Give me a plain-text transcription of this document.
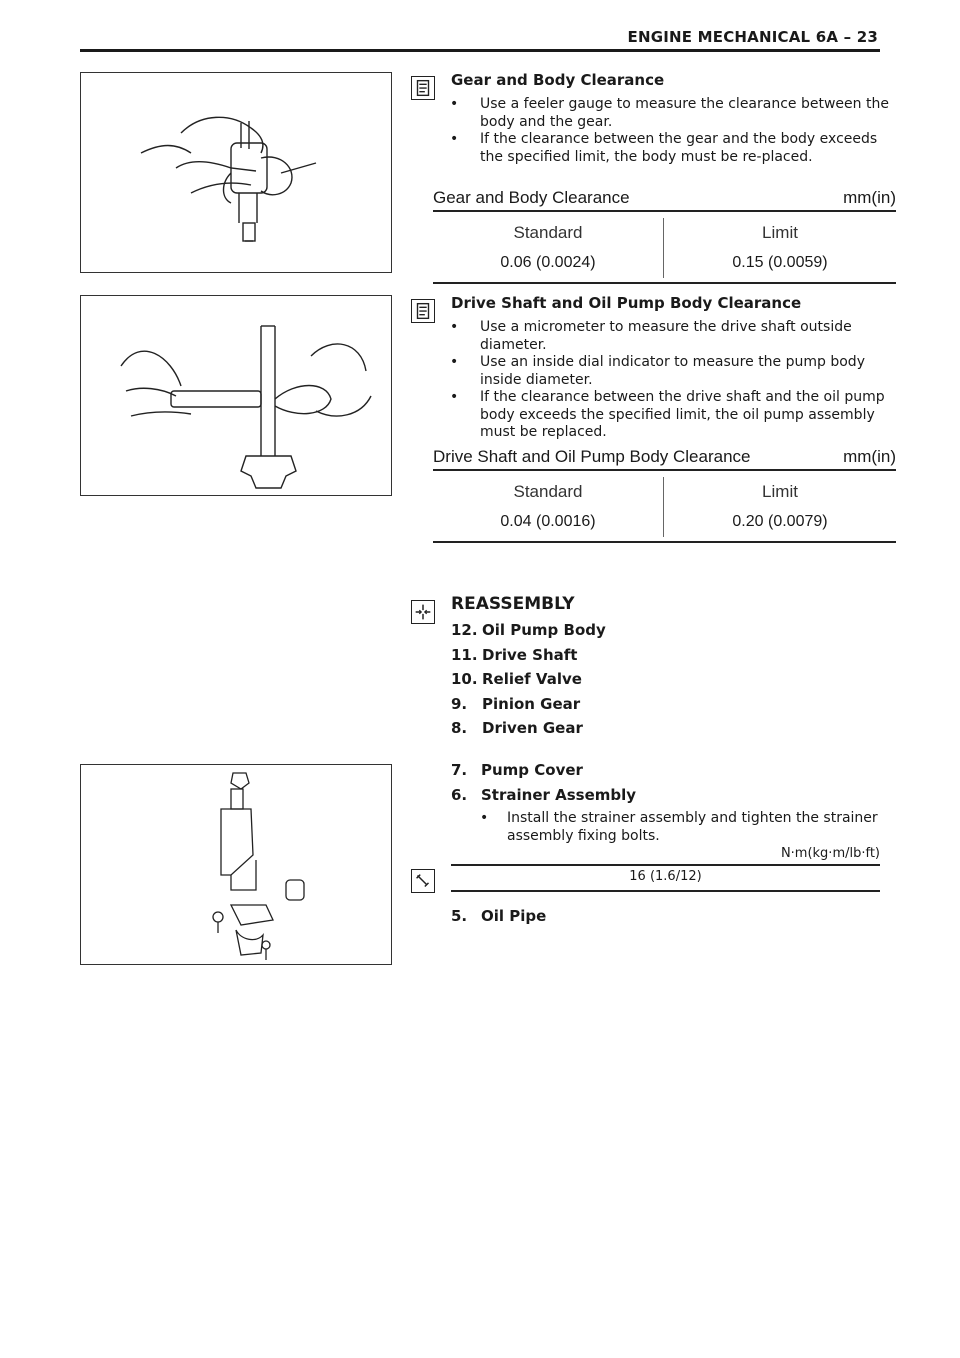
ENGINE MECHANICAL 6A – 23
Gear and Body Clearance
• Use a feeler gauge to measure the clearance between the body and the gear.
• If the clearance between the gear and the body exceeds the specified limit, the body must be re-placed.
Gear and Body Clearance	mm(in)
Standard	Limit
0.06 (0.0024)	0.15 (0.0059)
Drive Shaft and Oil Pump Body Clearance
• Use a micrometer to measure the drive shaft outside diameter.
• Use an inside dial indicator to measure the pump body inside diameter.
• If the clearance between the drive shaft and the oil pump body exceeds the specified limit, the oil pump assembly must be replaced.
Drive Shaft and Oil Pump Body Clearance	mm(in)
Standard	Limit
0.04 (0.0016)	0.20 (0.0079)
REASSEMBLY
12. Oil Pump Body
11. Drive Shaft
10. Relief Valve
9. Pinion Gear
8. Driven Gear
7. Pump Cover
6. Strainer Assembly
• Install the strainer assembly and tighten the strainer assembly fixing bolts.
N·m(kg·m/lb·ft)
16 (1.6/12)
5. Oil Pipe
